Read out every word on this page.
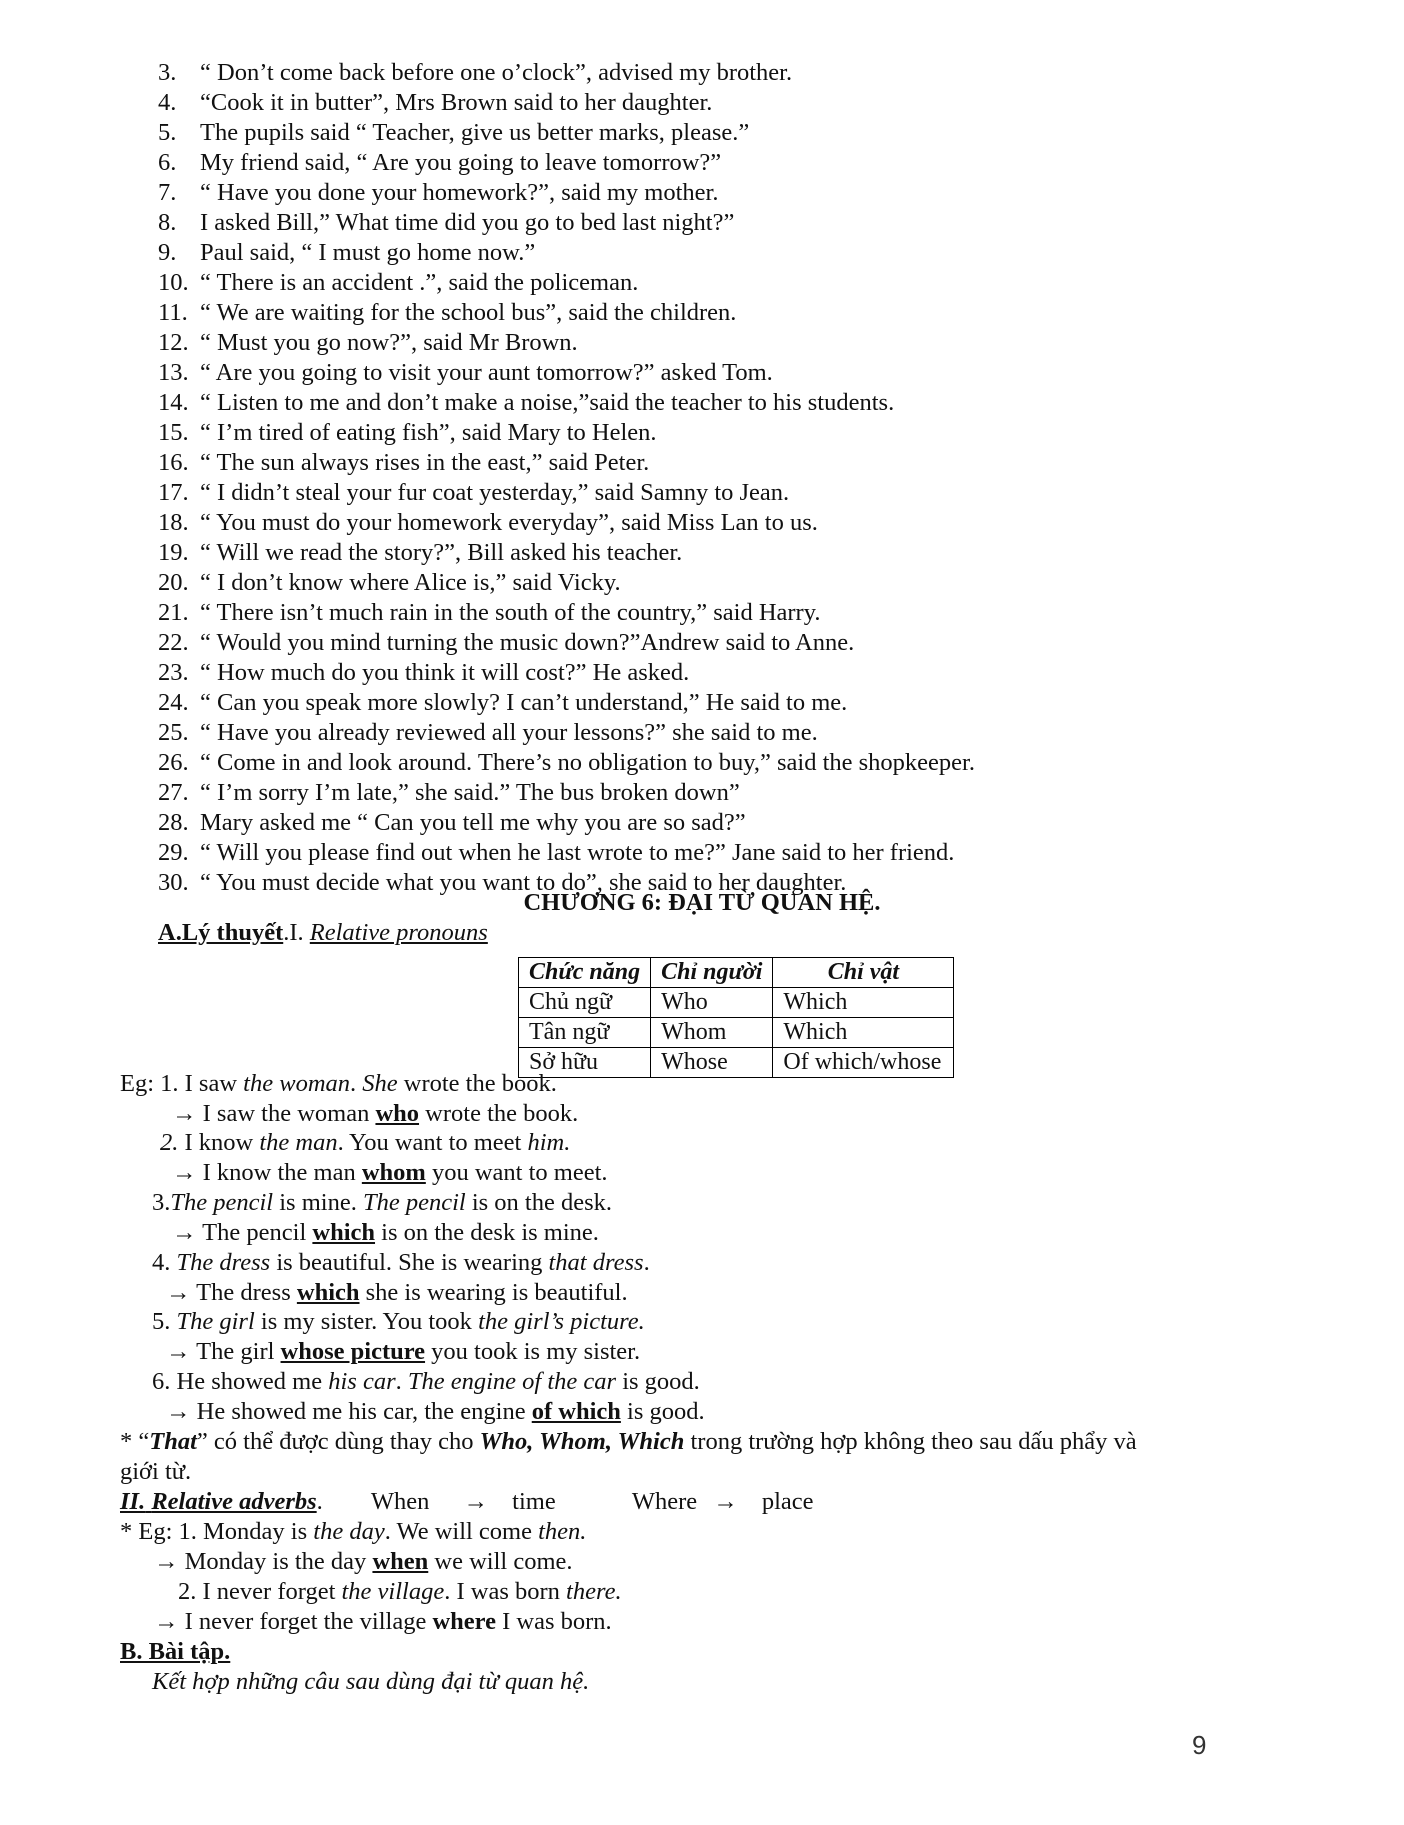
3. “ Don’t come back before one o’clock”, advised my brother.
4. “Cook it in butter”, Mrs Brown said to her daughter.
5. The pupils said “ Teacher, give us better marks, please.”
6. My friend said, “ Are you going to leave tomorrow?”
7. “ Have you done your homework?”, said my mother.
8. I asked Bill,” What time did you go to bed last night?”
9. Paul said, “ I must go home now.”
10. “ There is an accident .”, said the policeman.
11. “ We are waiting for the school bus”, said the children.
12. “ Must you go now?”, said Mr Brown.
13. “ Are you going to visit your aunt tomorrow?” asked Tom.
14. “ Listen to me and don’t make a noise,”said the teacher to his students.
15. “ I’m tired of eating fish”, said Mary to Helen.
16. “ The sun always rises in the east,” said Peter.
17. “ I didn’t steal your fur coat yesterday,” said Samny to Jean.
18. “ You must do your homework everyday”, said Miss Lan to us.
19. “ Will we read the story?”, Bill asked his teacher.
20. “ I don’t know where Alice is,” said Vicky.
21. “ There isn’t much rain in the south of the country,” said Harry.
22. “ Would you mind turning the music down?”Andrew said to Anne.
23. “ How much do you think it will cost?” He asked.
24. “ Can you speak more slowly? I can’t understand,” He said to me.
25. “ Have you already reviewed all your lessons?” she said to me.
26. “ Come in and look around. There’s no obligation to buy,” said the shopkeeper.
27. “ I’m sorry I’m late,” she said.” The bus broken down”
28. Mary asked me “ Can you tell me why you are so sad?”
29. “ Will you please find out when he last wrote to me?” Jane said to her friend.
30. “ You must decide what you want to do”, she said to her daughter.
CHƯƠNG 6: ĐẠI TỪ QUAN HỆ.
A.Lý thuyết.I. Relative pronouns
Chức năng	Chỉ người	Chỉ vật
Chủ ngữ	Who	Which
Tân ngữ	Whom	Which
Sở hữu	Whose	Of which/whose
Eg: 1. I saw the woman. She wrote the book.
→ I saw the woman who wrote the book.
2. I know the man. You want to meet him.
→ I know the man whom you want to meet.
3.The pencil is mine. The pencil is on the desk.
→ The pencil which is on the desk is mine.
4. The dress is beautiful. She is wearing that dress.
→ The dress which she is wearing is beautiful.
5. The girl is my sister. You took the girl’s picture.
→ The girl whose picture you took is my sister.
6. He showed me his car. The engine of the car is good.
→ He showed me his car, the engine of which is good.
* “That” có thể được dùng thay cho Who, Whom, Which trong trường hợp không theo sau dấu phẩy và
giới từ.
II. Relative adverbs. When → time	Where → place
* Eg: 1. Monday is the day. We will come then.
→ Monday is the day when we will come.
2. I never forget the village. I was born there.
→ I never forget the village where I was born.
B. Bài tập.
Kết hợp những câu sau dùng đại từ quan hệ.
9
